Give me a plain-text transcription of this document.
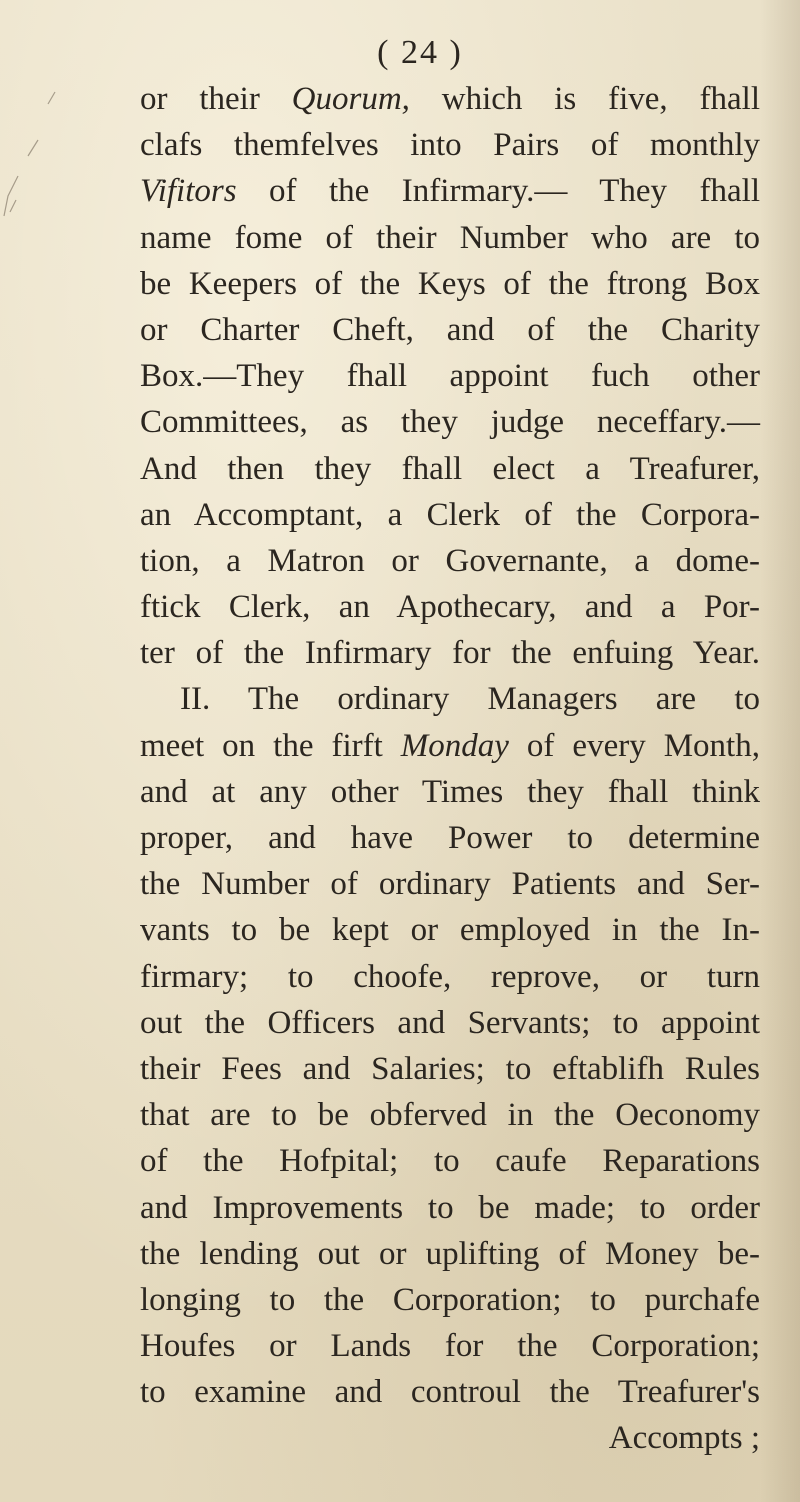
( 24 )

or their Quorum, which is five, fhall
clafs themfelves into Pairs of monthly
Vifitors of the Infirmary.— They fhall
name fome of their Number who are to
be Keepers of the Keys of the ftrong Box
or Charter Cheft, and of the Charity
Box.—They fhall appoint fuch other
Committees, as they judge neceffary.—
And then they fhall elect a Treafurer,
an Accomptant, a Clerk of the Corpora-
tion, a Matron or Governante, a dome-
ftick Clerk, an Apothecary, and a Por-
ter of the Infirmary for the enfuing Year.
II. The ordinary Managers are to
meet on the firft Monday of every Month,
and at any other Times they fhall think
proper, and have Power to determine
the Number of ordinary Patients and Ser-
vants to be kept or employed in the In-
firmary; to choofe, reprove, or turn
out the Officers and Servants; to appoint
their Fees and Salaries; to eftablifh Rules
that are to be obferved in the Oeconomy
of the Hofpital; to caufe Reparations
and Improvements to be made; to order
the lending out or uplifting of Money be-
longing to the Corporation; to purchafe
Houfes or Lands for the Corporation;
to examine and controul the Treafurer's
Accompts ;
